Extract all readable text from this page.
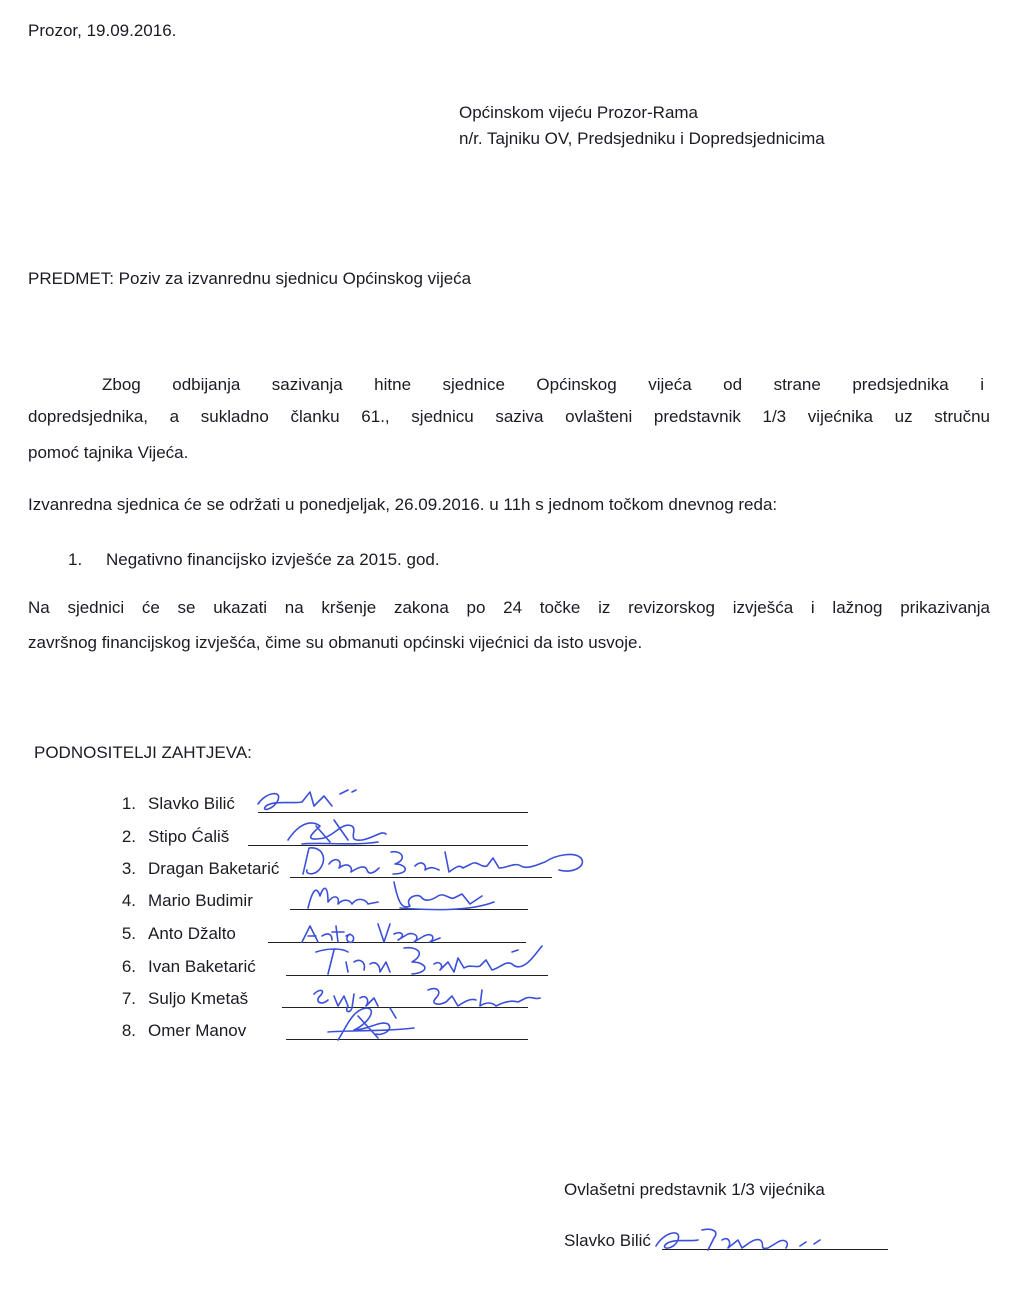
Prozor, 19.09.2016.
Općinskom vijeću Prozor-Rama
n/r. Tajniku OV, Predsjedniku i Dopredsjednicima
PREDMET: Poziv za izvanrednu sjednicu Općinskog vijeća
Zbog odbijanja sazivanja hitne sjednice Općinskog vijeća od strane predsjednika i
dopredsjednika, a sukladno članku 61., sjednicu saziva ovlašteni predstavnik 1/3 vijećnika uz stručnu
pomoć tajnika Vijeća.
Izvanredna sjednica će se održati u ponedjeljak, 26.09.2016. u 11h s jednom točkom dnevnog reda:
1. Negativno financijsko izvješće za 2015. god.
Na sjednici će se ukazati na kršenje zakona po 24 točke iz revizorskog izvješća i lažnog prikazivanja
završnog financijskog izvješća, čime su obmanuti općinski vijećnici da isto usvoje.
PODNOSITELJI ZAHTJEVA:
1. Slavko Bilić
2. Stipo Ćališ
3. Dragan Baketarić
4. Mario Budimir
5. Anto Džalto
6. Ivan Baketarić
7. Suljo Kmetaš
8. Omer Manov
Ovlašetni predstavnik 1/3 vijećnika
Slavko Bilić
